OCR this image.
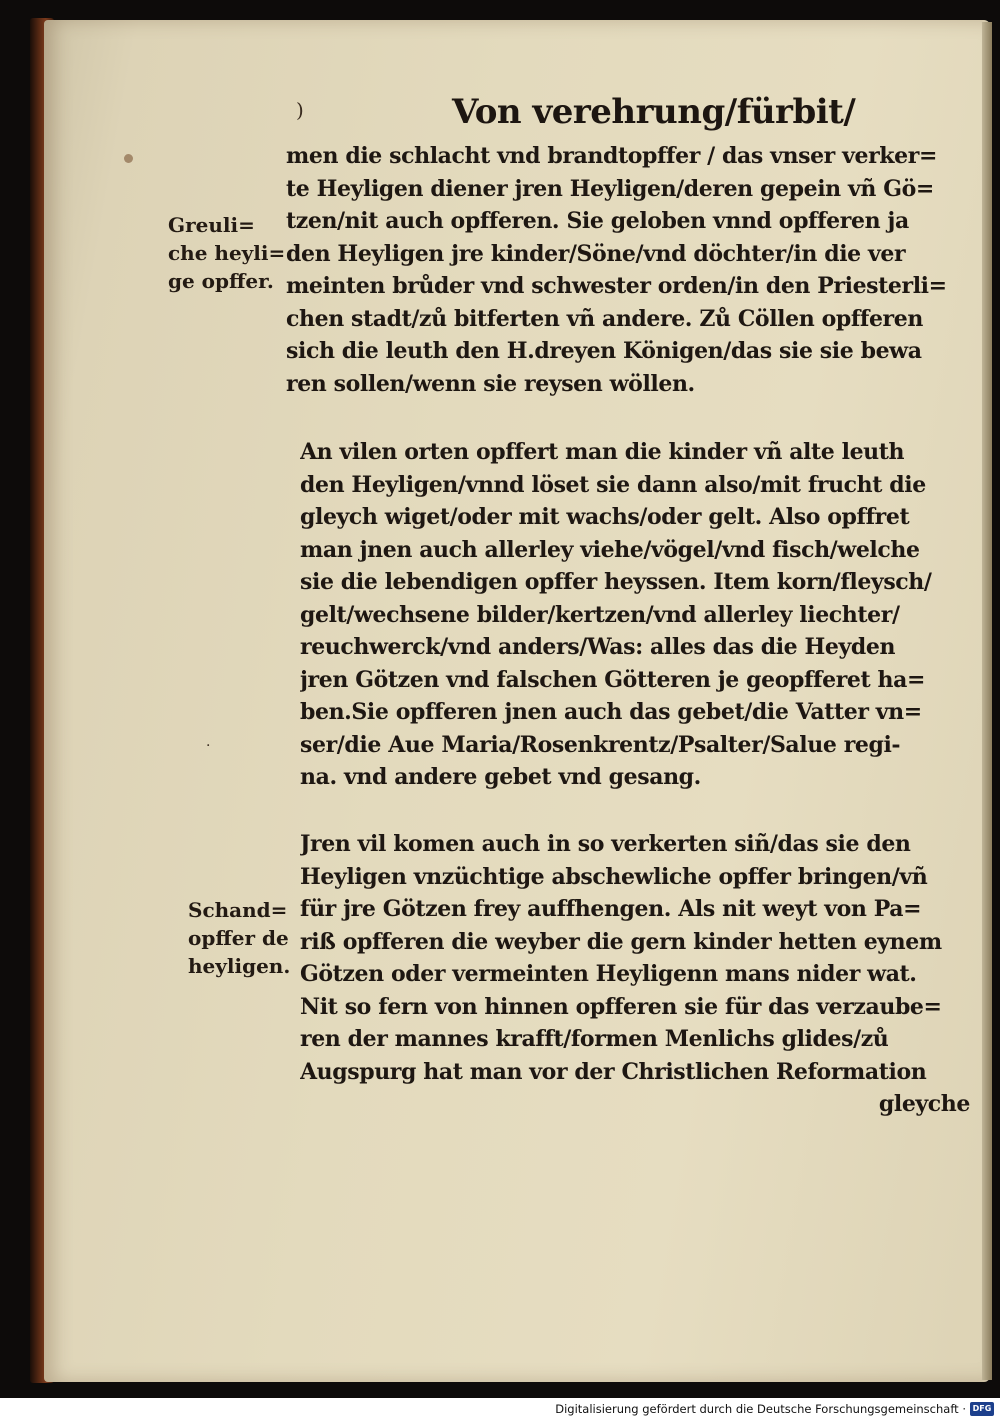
)
·
Von verehrung/fürbit/
men die schlacht vnd brandtopffer / das vnser verker=
te Heyligen diener jren Heyligen/deren gepein vñ Gö=
tzen/nit auch opfferen. Sie geloben vnnd opfferen ja
den Heyligen jre kinder/Söne/vnd döchter/in die ver
meinten brůder vnd schwester orden/in den Priesterli=
chen stadt/zů bitferten vñ andere. Zů Cöllen opfferen
sich die leuth den H.dreyen Königen/das sie sie bewa
ren sollen/wenn sie reysen wöllen.
An vilen orten opffert man die kinder vñ alte leuth
den Heyligen/vnnd löset sie dann also/mit frucht die
gleych wiget/oder mit wachs/oder gelt. Also opffret
man jnen auch allerley viehe/vögel/vnd fisch/welche
sie die lebendigen opffer heyssen. Item korn/fleysch/
gelt/wechsene bilder/kertzen/vnd allerley liechter/
reuchwerck/vnd anders/Was: alles das die Heyden
jren Götzen vnd falschen Götteren je geopfferet ha=
ben.Sie opfferen jnen auch das gebet/die Vatter vn=
ser/die Aue Maria/Rosenkrentz/Psalter/Salue regi-
na. vnd andere gebet vnd gesang.
Jren vil komen auch in so verkerten siñ/das sie den
Heyligen vnzüchtige abschewliche opffer bringen/vñ
für jre Götzen frey auffhengen. Als nit weyt von Pa=
riß opfferen die weyber die gern kinder hetten eynem
Götzen oder vermeinten Heyligenn mans nider wat.
Nit so fern von hinnen opfferen sie für das verzaube=
ren der mannes krafft/formen Menlichs glides/zů
Augspurg hat man vor der Christlichen Reformation
gleyche
Greuli=
che heyli=
ge opffer.
Schand=
opffer de
heyligen.
Digitalisierung gefördert durch die Deutsche Forschungsgemeinschaft · DFG
